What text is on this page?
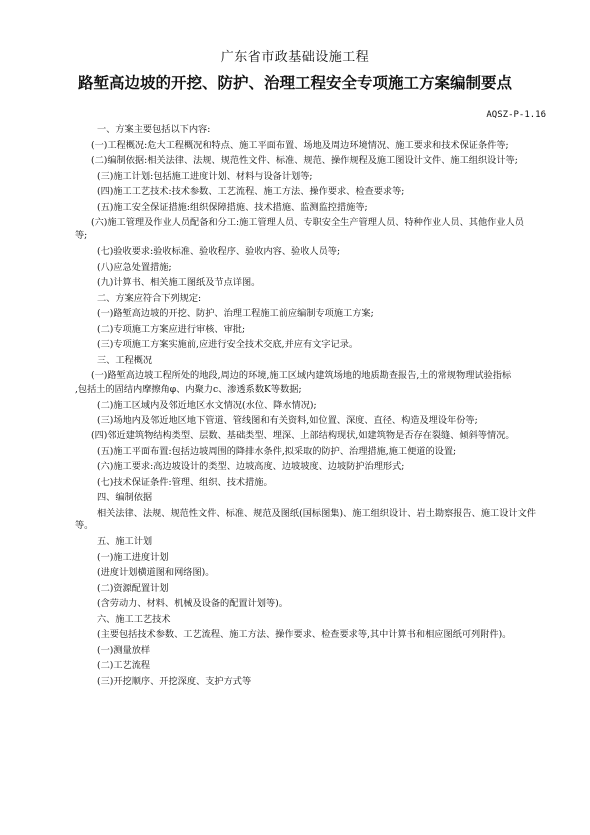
广东省市政基础设施工程
路堑高边坡的开挖、防护、治理工程安全专项施工方案编制要点
AQSZ-P-1.16
一、方案主要包括以下内容:
(一)工程概况:危大工程概况和特点、施工平面布置、场地及周边环境情况、施工要求和技术保证条件等;
(二)编制依据:相关法律、法规、规范性文件、标准、规范、操作规程及施工图设计文件、施工组织设计等;
(三)施工计划:包括施工进度计划、材料与设备计划等;
(四)施工工艺技术:技术参数、工艺流程、施工方法、操作要求、检查要求等;
(五)施工安全保证措施:组织保障措施、技术措施、监测监控措施等;
(六)施工管理及作业人员配备和分工:施工管理人员、专职安全生产管理人员、特种作业人员、其他作业人员
等;
(七)验收要求:验收标准、验收程序、验收内容、验收人员等;
(八)应急处置措施;
(九)计算书、相关施工图纸及节点详图。
二、方案应符合下列规定:
(一)路堑高边坡的开挖、防护、治理工程施工前应编制专项施工方案;
(二)专项施工方案应进行审核、审批;
(三)专项施工方案实施前,应进行安全技术交底,并应有文字记录。
三、工程概况
(一)路堑高边坡工程所处的地段,周边的环境,施工区域内建筑场地的地质勘查报告,土的常规物理试验指标
,包括土的固结内摩擦角φ、内聚力c、渗透系数K等数据;
(二)施工区域内及邻近地区水文情况(水位、降水情况);
(三)场地内及邻近地区地下管道、管线图和有关资料,如位置、深度、直径、构造及埋设年份等;
(四)邻近建筑物结构类型、层数、基础类型、埋深、上部结构现状,如建筑物是否存在裂缝、倾斜等情况。
(五)施工平面布置:包括边坡周围的降排水条件,拟采取的防护、治理措施,施工便道的设置;
(六)施工要求:高边坡设计的类型、边坡高度、边坡坡度、边坡防护治理形式;
(七)技术保证条件:管理、组织、技术措施。
四、编制依据
相关法律、法规、规范性文件、标准、规范及图纸(国标图集)、施工组织设计、岩土勘察报告、施工设计文件
等。
五、施工计划
(一)施工进度计划
(进度计划横道图和网络图)。
(二)资源配置计划
(含劳动力、材料、机械及设备的配置计划等)。
六、施工工艺技术
(主要包括技术参数、工艺流程、施工方法、操作要求、检查要求等,其中计算书和相应图纸可列附件)。
(一)测量放样
(二)工艺流程
(三)开挖顺序、开挖深度、支护方式等
